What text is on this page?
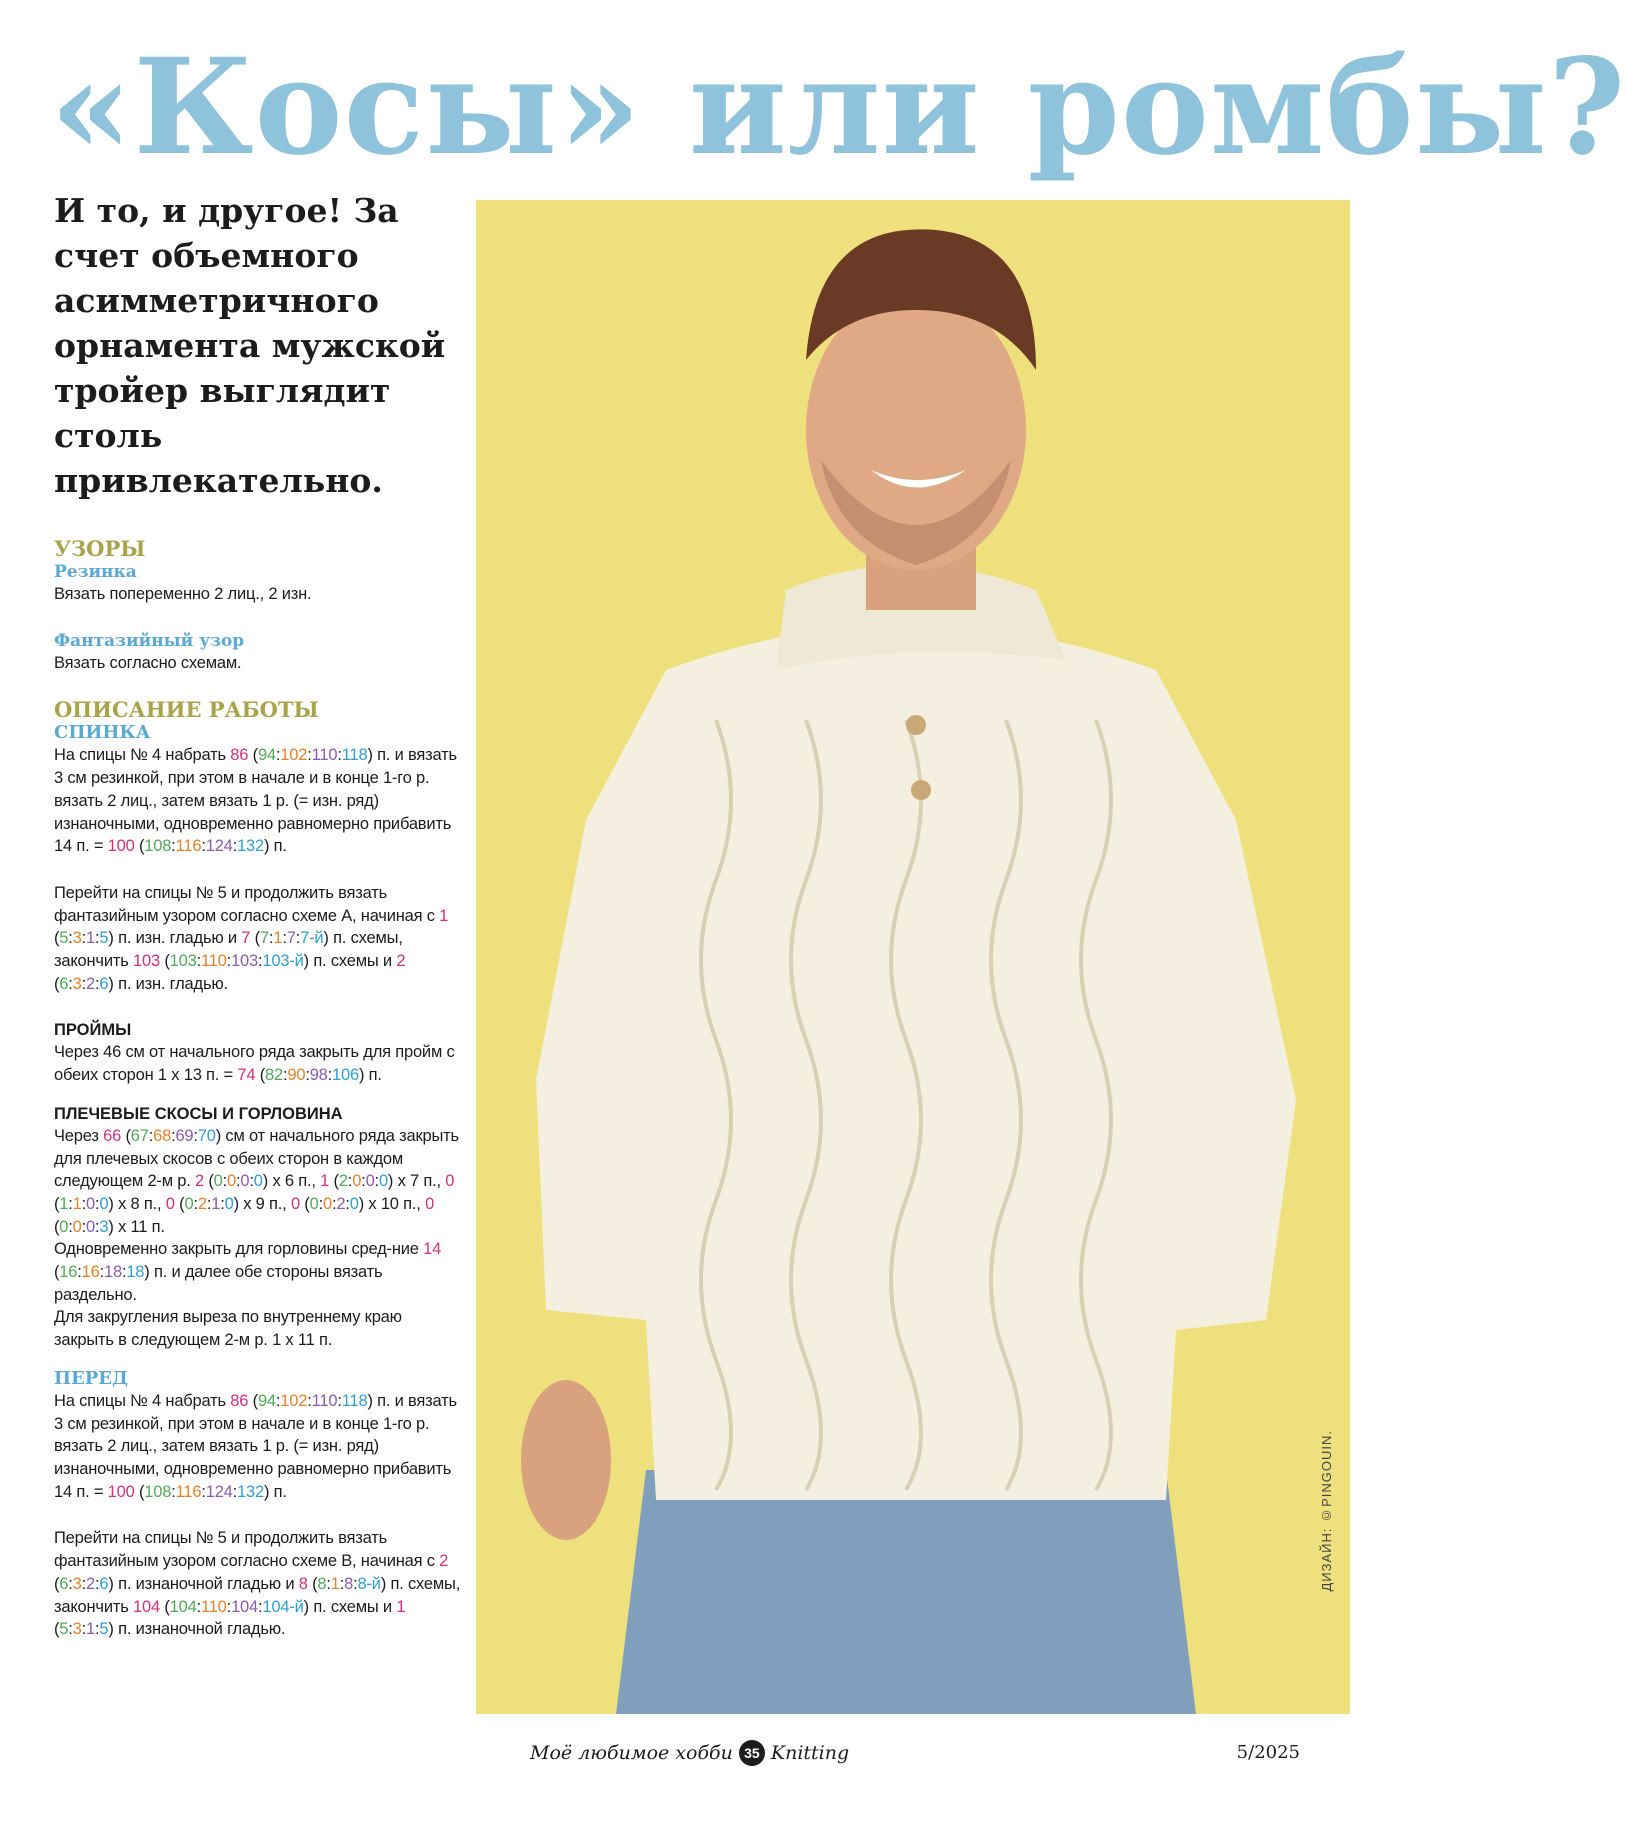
«Косы» или ромбы?

И то, и другое! За счет объемного асимметричного орнамента мужской тройер выглядит столь привлекательно.

УЗОРЫ
Резинка

Вязать попеременно 2 лиц., 2 изн.

Фантазийный узор

Вязать согласно схемам.

ОПИСАНИЕ РАБОТЫ
СПИНКА

На спицы № 4 набрать 86 (94:102:110:118) п. и вязать 3 см резинкой, при этом в начале и в конце 1-го р. вязать 2 лиц., затем вязать 1 р. (= изн. ряд) изнаночными, одновременно равномерно прибавить 14 п. = 100 (108:116:124:132) п.

Перейти на спицы № 5 и продолжить вязать фантазийным узором согласно схеме А, начиная с 1 (5:3:1:5) п. изн. гладью и 7 (7:1:7:7-й) п. схемы, закончить 103 (103:110:103:103-й) п. схемы и 2 (6:3:2:6) п. изн. гладью.

ПРОЙМЫ

Через 46 см от начального ряда закрыть для пройм с обеих сторон 1 х 13 п. = 74 (82:90:98:106) п.

ПЛЕЧЕВЫЕ СКОСЫ И ГОРЛОВИНА

Через 66 (67:68:69:70) см от начального ряда закрыть для плечевых скосов с обеих сторон в каждом следующем 2-м р. 2 (0:0:0:0) х 6 п., 1 (2:0:0:0) х 7 п., 0 (1:1:0:0) х 8 п., 0 (0:2:1:0) х 9 п., 0 (0:0:2:0) х 10 п., 0 (0:0:0:3) х 11 п.

Одновременно закрыть для горловины сред-ние 14 (16:16:18:18) п. и далее обе стороны вязать раздельно.

Для закругления выреза по внутреннему краю закрыть в следующем 2-м р. 1 х 11 п.

ПЕРЕД

На спицы № 4 набрать 86 (94:102:110:118) п. и вязать 3 см резинкой, при этом в начале и в конце 1-го р. вязать 2 лиц., затем вязать 1 р. (= изн. ряд) изнаночными, одновременно равномерно прибавить 14 п. = 100 (108:116:124:132) п.

Перейти на спицы № 5 и продолжить вязать фантазийным узором согласно схеме В, начиная с 2 (6:3:2:6) п. изнаночной гладью и 8 (8:1:8:8-й) п. схемы, закончить 104 (104:110:104:104-й) п. схемы и 1 (5:3:1:5) п. изнаночной гладью.

ДИЗАЙН: ©PINGOUIN.
Моё любимое хобби 35 Knitting	5/2025
